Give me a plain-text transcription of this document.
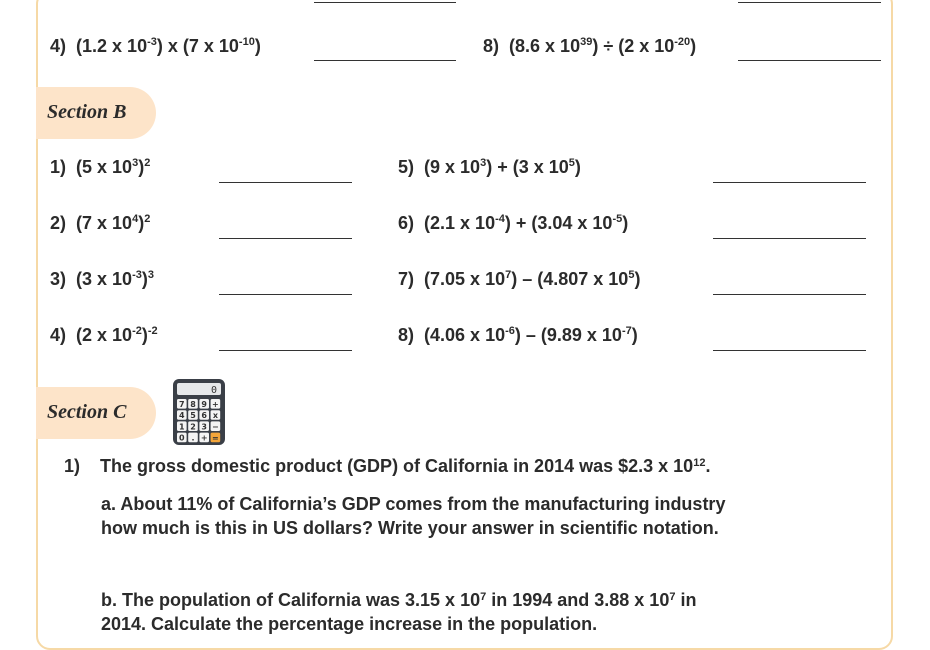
4) (1.2 x $10^{-3}$) x (7 x $10^{-10}$)	8) (8.6 x $10^{39}) \div (2$ x $10^{-20}$)
Section B
1) (5 x $10^3)^2$
2) (7 x $10^4)^2$
3) (3 x $10^{-3})^3$
4) (2 x $10^{-2})^{-2}$
5) (9 x $10^3) + (3$ x $10^5$)
6) (2.1 x $10^{-4}) + (3.04$ x $10^{-5}$)
7) (7.05 x $10^7) - (4.807$ x $10^5$)
8) (4.06 x $10^{-6}) - (9.89$ x $10^{-7}$)
Section C
0
7 8 9 +
4 5 6 x
1 2 3 −
0 . + =
1) The gross domestic product (GDP) of California in 2014 was $2.3 x $10^{12}$.
a. About 11% of California’s GDP comes from the manufacturing industry
how much is this in US dollars? Write your answer in scientific notation.
b. The population of California was 3.15 x $10^7$ in 1994 and 3.88 x $10^7$ in
2014. Calculate the percentage increase in the population.
